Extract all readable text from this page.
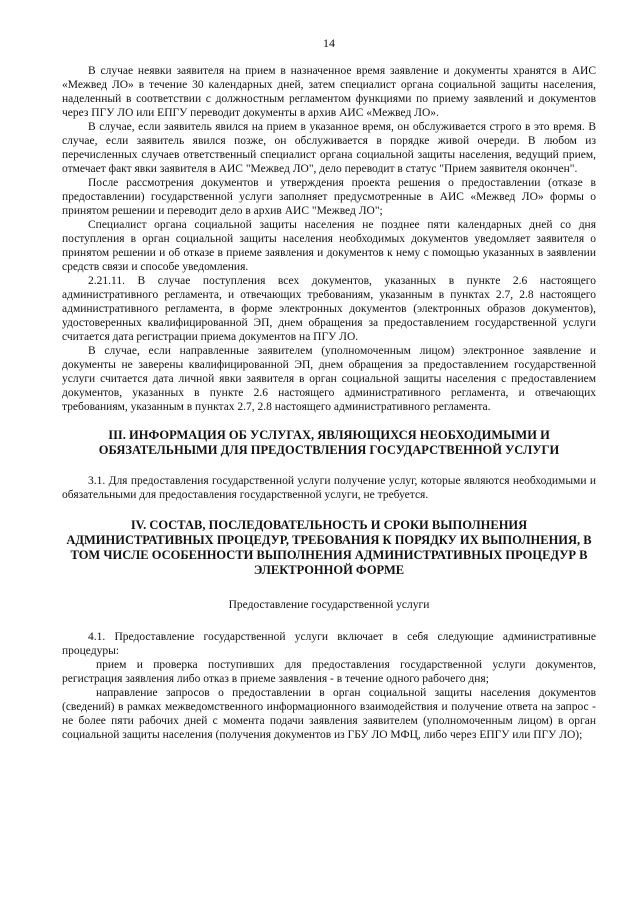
14

В случае неявки заявителя на прием в назначенное время заявление и документы хранятся в АИС «Межвед ЛО» в течение 30 календарных дней, затем специалист органа социальной защиты населения, наделенный в соответствии с должностным регламентом функциями по приему заявлений и документов через ПГУ ЛО или ЕПГУ переводит документы в архив АИС «Межвед ЛО».

В случае, если заявитель явился на прием в указанное время, он обслуживается строго в это время. В случае, если заявитель явился позже, он обслуживается в порядке живой очереди. В любом из перечисленных случаев ответственный специалист органа социальной защиты населения, ведущий прием, отмечает факт явки заявителя в АИС "Межвед ЛО", дело переводит в статус "Прием заявителя окончен".

После рассмотрения документов и утверждения проекта решения о предоставлении (отказе в предоставлении) государственной услуги заполняет предусмотренные в АИС «Межвед ЛО» формы о принятом решении и переводит дело в архив АИС "Межвед ЛО";

Специалист органа социальной защиты населения не позднее пяти календарных дней со дня поступления в орган социальной защиты населения необходимых документов уведомляет заявителя о принятом решении и об отказе в приеме заявления и документов к нему с помощью указанных в заявлении средств связи и способе уведомления.

2.21.11. В случае поступления всех документов, указанных в пункте 2.6 настоящего административного регламента, и отвечающих требованиям, указанным в пунктах 2.7, 2.8 настоящего административного регламента, в форме электронных документов (электронных образов документов), удостоверенных квалифицированной ЭП, днем обращения за предоставлением государственной услуги считается дата регистрации приема документов на ПГУ ЛО.

В случае, если направленные заявителем (уполномоченным лицом) электронное заявление и документы не заверены квалифицированной ЭП, днем обращения за предоставлением государственной услуги считается дата личной явки заявителя в орган социальной защиты населения с предоставлением документов, указанных в пункте 2.6 настоящего административного регламента, и отвечающих требованиям, указанным в пунктах 2.7, 2.8 настоящего административного регламента.

III. ИНФОРМАЦИЯ ОБ УСЛУГАХ, ЯВЛЯЮЩИХСЯ НЕОБХОДИМЫМИ И ОБЯЗАТЕЛЬНЫМИ ДЛЯ ПРЕДОСТВЛЕНИЯ ГОСУДАРСТВЕННОЙ УСЛУГИ

3.1. Для предоставления государственной услуги получение услуг, которые являются необходимыми и обязательными для предоставления государственной услуги, не требуется.

IV. СОСТАВ, ПОСЛЕДОВАТЕЛЬНОСТЬ И СРОКИ ВЫПОЛНЕНИЯ АДМИНИСТРАТИВНЫХ ПРОЦЕДУР, ТРЕБОВАНИЯ К ПОРЯДКУ ИХ ВЫПОЛНЕНИЯ, В ТОМ ЧИСЛЕ ОСОБЕННОСТИ ВЫПОЛНЕНИЯ АДМИНИСТРАТИВНЫХ ПРОЦЕДУР В ЭЛЕКТРОННОЙ ФОРМЕ

Предоставление государственной услуги

4.1. Предоставление государственной услуги включает в себя следующие административные процедуры:

прием и проверка поступивших для предоставления государственной услуги документов, регистрация заявления либо отказ в приеме заявления - в течение одного рабочего дня;

направление запросов о предоставлении в орган социальной защиты населения документов (сведений) в рамках межведомственного информационного взаимодействия и получение ответа на запрос - не более пяти рабочих дней с момента подачи заявления заявителем (уполномоченным лицом) в орган социальной защиты населения (получения документов из ГБУ ЛО МФЦ, либо через ЕПГУ или ПГУ ЛО);
